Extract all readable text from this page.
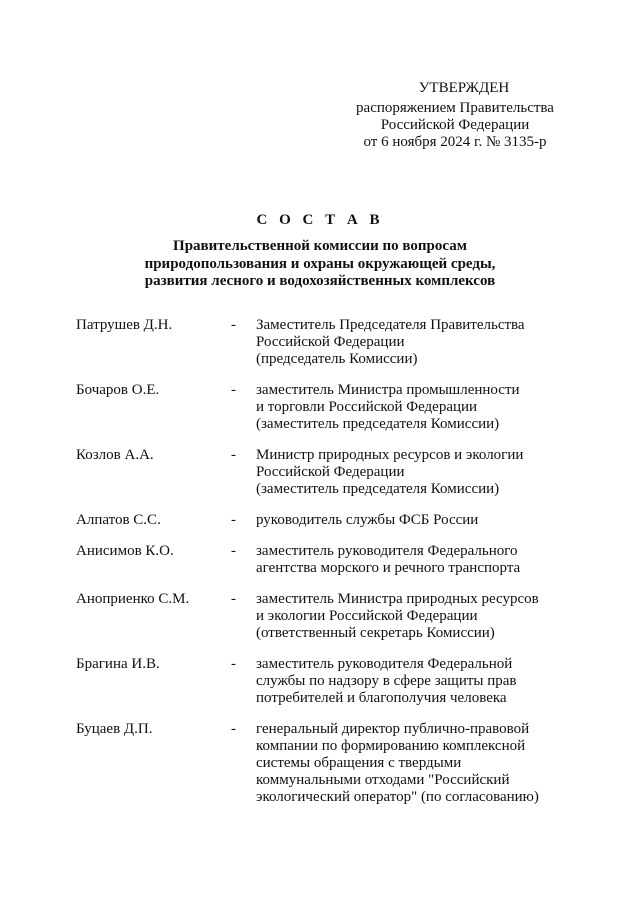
УТВЕРЖДЕН
распоряжением Правительства
Российской Федерации
от 6 ноября 2024 г. № 3135-р
С О С Т А В
Правительственной комиссии по вопросам
природопользования и охраны окружающей среды,
развития лесного и водохозяйственных комплексов
Патрушев Д.Н.	- Заместитель Председателя Правительства
Российской Федерации
(председатель Комиссии)
Бочаров О.Е.	- заместитель Министра промышленности
и торговли Российской Федерации
(заместитель председателя Комиссии)
Козлов А.А.	- Министр природных ресурсов и экологии
Российской Федерации
(заместитель председателя Комиссии)
Алпатов С.С.	- руководитель службы ФСБ России
Анисимов К.О.	- заместитель руководителя Федерального
агентства морского и речного транспорта
Аноприенко С.М.	- заместитель Министра природных ресурсов
и экологии Российской Федерации
(ответственный секретарь Комиссии)
Брагина И.В.	- заместитель руководителя Федеральной
службы по надзору в сфере защиты прав
потребителей и благополучия человека
Буцаев Д.П.	- генеральный директор публично-правовой
компании по формированию комплексной
системы обращения с твердыми
коммунальными отходами "Российский
экологический оператор" (по согласованию)
